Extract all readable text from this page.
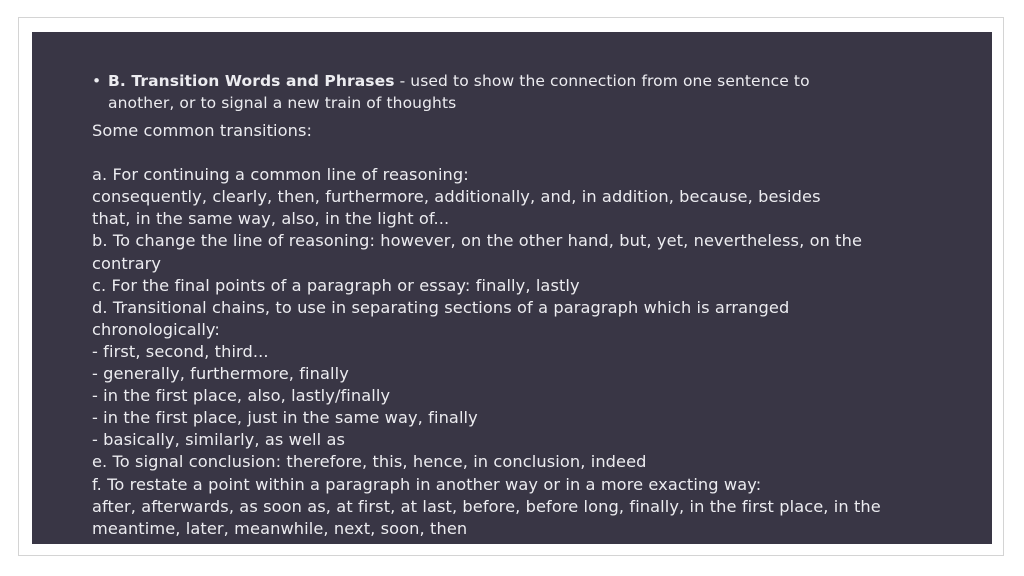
• B. Transition Words and Phrases - used to show the connection from one sentence to
another, or to signal a new train of thoughts
Some common transitions:
a. For continuing a common line of reasoning:
consequently, clearly, then, furthermore, additionally, and, in addition, because, besides
that, in the same way, also, in the light of...
b. To change the line of reasoning: however, on the other hand, but, yet, nevertheless, on the
contrary
c. For the final points of a paragraph or essay: finally, lastly
d. Transitional chains, to use in separating sections of a paragraph which is arranged
chronologically:
- first, second, third...
- generally, furthermore, finally
- in the first place, also, lastly/finally
- in the first place, just in the same way, finally
- basically, similarly, as well as
e. To signal conclusion: therefore, this, hence, in conclusion, indeed
f. To restate a point within a paragraph in another way or in a more exacting way:
after, afterwards, as soon as, at first, at last, before, before long, finally, in the first place, in the
meantime, later, meanwhile, next, soon, then
